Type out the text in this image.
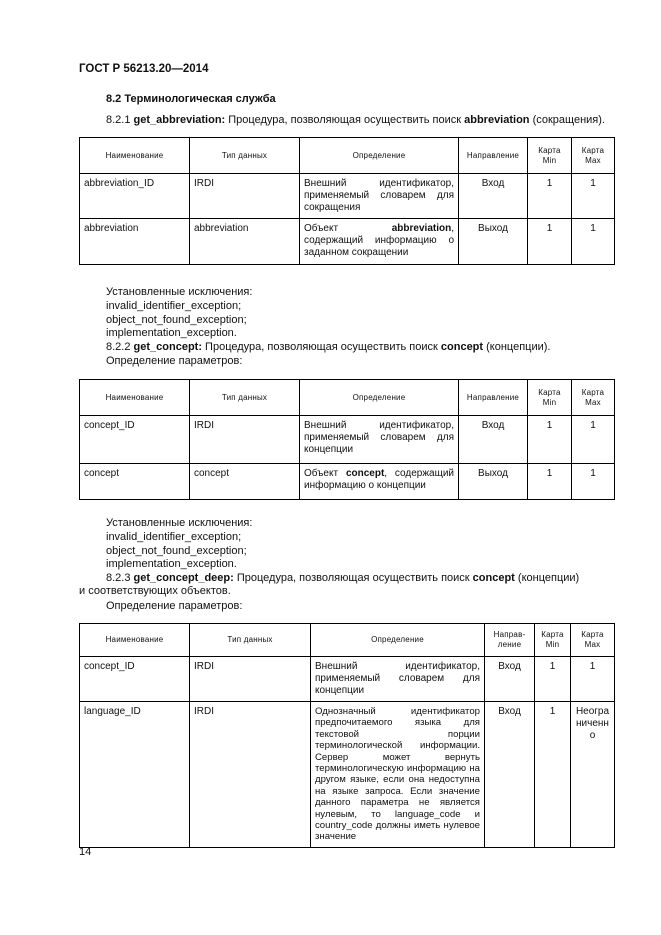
ГОСТ Р 56213.20—2014
8.2 Терминологическая служба
8.2.1 get_abbreviation: Процедура, позволяющая осуществить поиск abbreviation (сокращения).
Наименование	Тип данных	Определение	Направление	Карта Min	Карта Max
abbreviation_ID	IRDI	Внешний идентификатор, применяемый словарем для сокращения	Вход	1	1
abbreviation	abbreviation	Объект abbreviation, содержащий информацию о заданном сокращении	Выход	1	1
Установленные исключения:
invalid_identifier_exception;
object_not_found_exception;
implementation_exception.
8.2.2 get_concept: Процедура, позволяющая осуществить поиск concept (концепции).
Определение параметров:
Наименование	Тип данных	Определение	Направление	Карта Min	Карта Max
concept_ID	IRDI	Внешний идентификатор, применяемый словарем для концепции	Вход	1	1
concept	concept	Объект concept, содержащий информацию о концепции	Выход	1	1
Установленные исключения:
invalid_identifier_exception;
object_not_found_exception;
implementation_exception.
8.2.3 get_concept_deep: Процедура, позволяющая осуществить поиск concept (концепции) и соответствующих объектов.
Определение параметров:
Наименование	Тип данных	Определение	Направ-ление	Карта Min	Карта Max
concept_ID	IRDI	Внешний идентификатор, применяемый словарем для концепции	Вход	1	1
language_ID	IRDI	Однозначный идентификатор предпочитаемого языка для текстовой порции терминологической информации. Сервер может вернуть терминологическую информацию на другом языке, если она недоступна на языке запроса. Если значение данного параметра не является нулевым, то language_code и country_code должны иметь нулевое значение	Вход	1	Неограниченно
14
